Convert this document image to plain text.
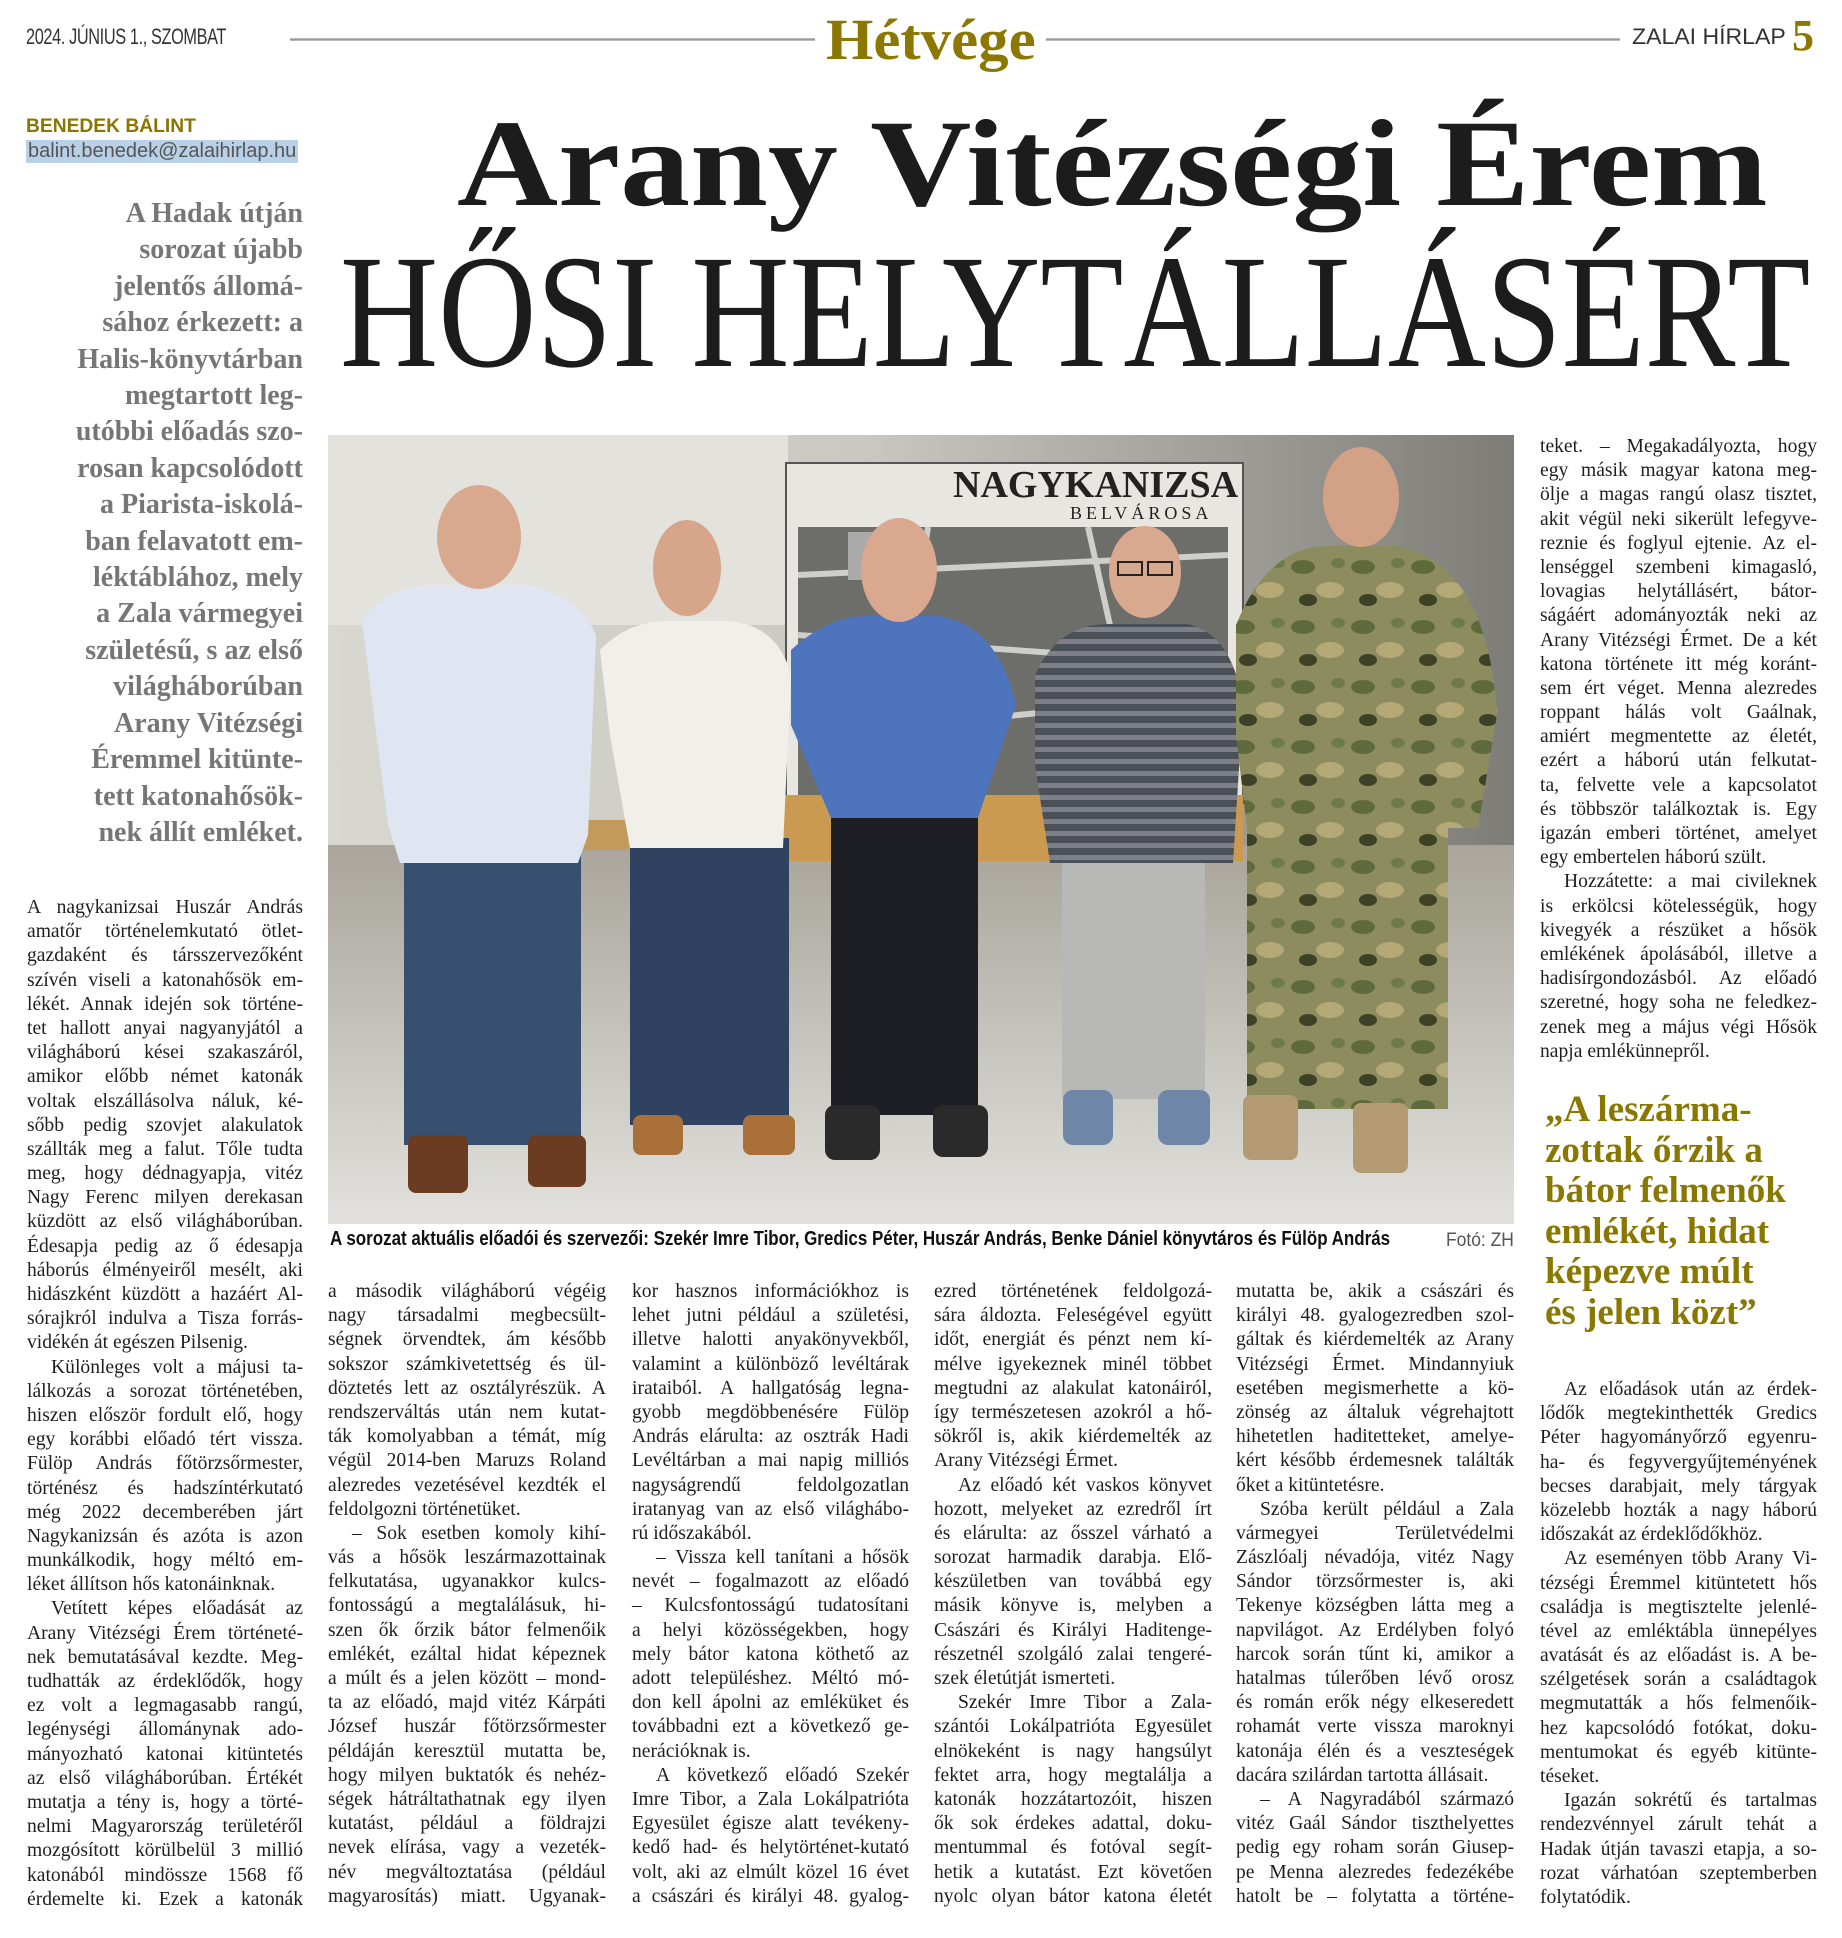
2024. JÚNIUS 1., SZOMBAT	Hétvége	ZALAI HÍRLAP 5
BENEDEK BÁLINT
balint.benedek@zalaihirlap.hu Arany Vitézségi Érem
HŐSI HELYTÁLLÁSÉRT
A Hadak útján
sorozat újabb
jelentős állomá-
sához érkezett: a
Halis-könyvtárban
megtartott leg-
utóbbi előadás szo-
rosan kapcsolódott
a Piarista-iskolá-
ban felavatott em-
léktáblához, mely
a Zala vármegyei
születésű, s az első
világháborúban
Arany Vitézségi
Éremmel kitünte-
tett katonahősök-
nek állít emléket.
NAGYKANIZSA
BELVÁROSA
A sorozat aktuális előadói és szervezői: Szekér Imre Tibor, Gredics Péter, Huszár András, Benke Dániel könyvtáros és Fülöp András	Fotó: ZH
A nagykanizsai Huszár András
amatőr történelemkutató ötlet-
gazdaként és társszervezőként
szívén viseli a katonahősök em-
lékét. Annak idején sok történe-
tet hallott anyai nagyanyjától a
világháború kései szakaszáról,
amikor előbb német katonák
voltak elszállásolva náluk, ké-
sőbb pedig szovjet alakulatok
szállták meg a falut. Tőle tudta
meg, hogy dédnagyapja, vitéz
Nagy Ferenc milyen derekasan
küzdött az első világháborúban.
Édesapja pedig az ő édesapja
háborús élményeiről mesélt, aki
hidászként küzdött a hazáért Al-
sórajkról indulva a Tisza forrás-
vidékén át egészen Pilsenig.
Különleges volt a májusi ta-
lálkozás a sorozat történetében,
hiszen először fordult elő, hogy
egy korábbi előadó tért vissza.
Fülöp András főtörzsőrmester,
történész és hadszíntérkutató
még 2022 decemberében járt
Nagykanizsán és azóta is azon
munkálkodik, hogy méltó em-
léket állítson hős katonáinknak.
Vetített képes előadását az
Arany Vitézségi Érem történeté-
nek bemutatásával kezdte. Meg-
tudhatták az érdeklődők, hogy
ez volt a legmagasabb rangú,
legénységi állománynak ado-
mányozható katonai kitüntetés
az első világháborúban. Értékét
mutatja a tény is, hogy a törté-
nelmi Magyarország területéről
mozgósított körülbelül 3 millió
katonából mindössze 1568 fő
érdemelte ki. Ezek a katonák
a második világháború végéig
nagy társadalmi megbecsült-
ségnek örvendtek, ám később
sokszor számkivetettség és ül-
döztetés lett az osztályrészük. A
rendszerváltás után nem kutat-
ták komolyabban a témát, míg
végül 2014-ben Maruzs Roland
alezredes vezetésével kezdték el
feldolgozni történetüket.
– Sok esetben komoly kihí-
vás a hősök leszármazottainak
felkutatása, ugyanakkor kulcs-
fontosságú a megtalálásuk, hi-
szen ők őrzik bátor felmenőik
emlékét, ezáltal hidat képeznek
a múlt és a jelen között – mond-
ta az előadó, majd vitéz Kárpáti
József huszár főtörzsőrmester
példáján keresztül mutatta be,
hogy milyen buktatók és nehéz-
ségek hátráltathatnak egy ilyen
kutatást, például a földrajzi
nevek elírása, vagy a vezeték-
név megváltoztatása (például
magyarosítás) miatt. Ugyanak-
kor hasznos információkhoz is
lehet jutni például a születési,
illetve halotti anyakönyvekből,
valamint a különböző levéltárak
irataiból. A hallgatóság legna-
gyobb megdöbbenésére Fülöp
András elárulta: az osztrák Hadi
Levéltárban a mai napig milliós
nagyságrendű feldolgozatlan
iratanyag van az első világhábo-
rú időszakából.
– Vissza kell tanítani a hősök
nevét – fogalmazott az előadó
– Kulcsfontosságú tudatosítani
a helyi közösségekben, hogy
mely bátor katona köthető az
adott településhez. Méltó mó-
don kell ápolni az emléküket és
továbbadni ezt a következő ge-
nerációknak is.
A következő előadó Szekér
Imre Tibor, a Zala Lokálpatrióta
Egyesület égisze alatt tevékeny-
kedő had- és helytörténet-kutató
volt, aki az elmúlt közel 16 évet
a császári és királyi 48. gyalog-
ezred történetének feldolgozá-
sára áldozta. Feleségével együtt
időt, energiát és pénzt nem kí-
mélve igyekeznek minél többet
megtudni az alakulat katonáiról,
így természetesen azokról a hő-
sökről is, akik kiérdemelték az
Arany Vitézségi Érmet.
Az előadó két vaskos könyvet
hozott, melyeket az ezredről írt
és elárulta: az ősszel várható a
sorozat harmadik darabja. Elő-
készületben van továbbá egy
másik könyve is, melyben a
Császári és Királyi Haditenge-
részetnél szolgáló zalai tengeré-
szek életútját ismerteti.
Szekér Imre Tibor a Zala-
szántói Lokálpatrióta Egyesület
elnökeként is nagy hangsúlyt
fektet arra, hogy megtalálja a
katonák hozzátartozóit, hiszen
ők sok érdekes adattal, doku-
mentummal és fotóval segít-
hetik a kutatást. Ezt követően
nyolc olyan bátor katona életét
mutatta be, akik a császári és
királyi 48. gyalogezredben szol-
gáltak és kiérdemelték az Arany
Vitézségi Érmet. Mindannyiuk
esetében megismerhette a kö-
zönség az általuk végrehajtott
hihetetlen haditetteket, amelye-
kért később érdemesnek találták
őket a kitüntetésre.
Szóba került például a Zala
vármegyei Területvédelmi
Zászlóalj névadója, vitéz Nagy
Sándor törzsőrmester is, aki
Tekenye községben látta meg a
napvilágot. Az Erdélyben folyó
harcok során tűnt ki, amikor a
hatalmas túlerőben lévő orosz
és román erők négy elkeseredett
rohamát verte vissza maroknyi
katonája élén és a veszteségek
dacára szilárdan tartotta állásait.
– A Nagyradából származó
vitéz Gaál Sándor tiszthelyettes
pedig egy roham során Giusep-
pe Menna alezredes fedezékébe
hatolt be – folytatta a történe-
teket. – Megakadályozta, hogy
egy másik magyar katona meg-
ölje a magas rangú olasz tisztet,
akit végül neki sikerült lefegyve-
reznie és foglyul ejtenie. Az el-
lenséggel szembeni kimagasló,
lovagias helytállásért, bátor-
ságáért adományozták neki az
Arany Vitézségi Érmet. De a két
katona története itt még koránt-
sem ért véget. Menna alezredes
roppant hálás volt Gaálnak,
amiért megmentette az életét,
ezért a háború után felkutat-
ta, felvette vele a kapcsolatot
és többször találkoztak is. Egy
igazán emberi történet, amelyet
egy embertelen háború szült.
Hozzátette: a mai civileknek
is erkölcsi kötelességük, hogy
kivegyék a részüket a hősök
emlékének ápolásából, illetve a
hadisírgondozásból. Az előadó
szeretné, hogy soha ne feledkez-
zenek meg a május végi Hősök
napja emlékünnepről.
Az előadások után az érdek-
lődők megtekinthették Gredics
Péter hagyományőrző egyenru-
ha- és fegyvergyűjteményének
becses darabjait, mely tárgyak
közelebb hozták a nagy háború
időszakát az érdeklődőkhöz.
Az eseményen több Arany Vi-
tézségi Éremmel kitüntetett hős
családja is megtisztelte jelenlé-
tével az emléktábla ünnepélyes
avatását és az előadást is. A be-
szélgetések során a családtagok
megmutatták a hős felmenőik-
hez kapcsolódó fotókat, doku-
mentumokat és egyéb kitünte-
téseket.
Igazán sokrétű és tartalmas
rendezvénnyel zárult tehát a
Hadak útján tavaszi etapja, a so-
rozat várhatóan szeptemberben
folytatódik.
„A leszárma-
zottak őrzik a
bátor felmenők
emlékét, hidat
képezve múlt
és jelen közt”
